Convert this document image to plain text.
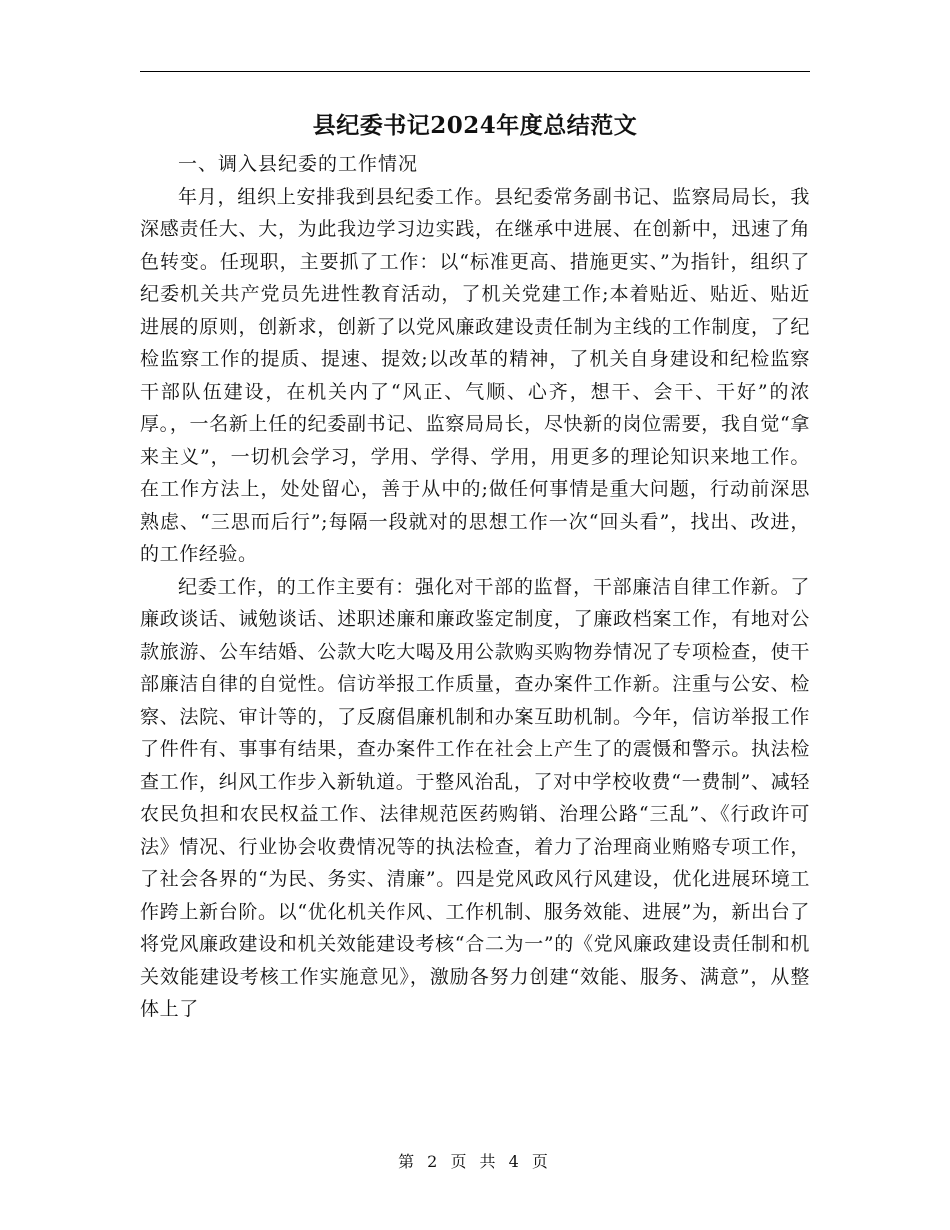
县纪委书记2024年度总结范文

一、调入县纪委的工作情况

年月，组织上安排我到县纪委工作。县纪委常务副书记、监察局局长，我深感责任大、大，为此我边学习边实践，在继承中进展、在创新中，迅速了角色转变。任现职，主要抓了工作：以“标准更高、措施更实、”为指针，组织了纪委机关共产党员先进性教育活动，了机关党建工作;本着贴近、贴近、贴近进展的原则，创新求，创新了以党风廉政建设责任制为主线的工作制度，了纪检监察工作的提质、提速、提效;以改革的精神，了机关自身建设和纪检监察干部队伍建设，在机关内了“风正、气顺、心齐，想干、会干、干好”的浓厚。，一名新上任的纪委副书记、监察局局长，尽快新的岗位需要，我自觉“拿来主义”，一切机会学习，学用、学得、学用，用更多的理论知识来地工作。在工作方法上，处处留心，善于从中的;做任何事情是重大问题，行动前深思熟虑、“三思而后行”;每隔一段就对的思想工作一次“回头看”，找出、改进，的工作经验。

纪委工作，的工作主要有：强化对干部的监督，干部廉洁自律工作新。了廉政谈话、诫勉谈话、述职述廉和廉政鉴定制度，了廉政档案工作，有地对公款旅游、公车结婚、公款大吃大喝及用公款购买购物券情况了专项检查，使干部廉洁自律的自觉性。信访举报工作质量，查办案件工作新。注重与公安、检察、法院、审计等的，了反腐倡廉机制和办案互助机制。今年，信访举报工作了件件有、事事有结果，查办案件工作在社会上产生了的震慑和警示。执法检查工作，纠风工作步入新轨道。于整风治乱，了对中学校收费“一费制”、减轻农民负担和农民权益工作、法律规范医药购销、治理公路“三乱”、《行政许可法》情况、行业协会收费情况等的执法检查，着力了治理商业贿赂专项工作，了社会各界的“为民、务实、清廉”。四是党风政风行风建设，优化进展环境工作跨上新台阶。以“优化机关作风、工作机制、服务效能、进展”为，新出台了将党风廉政建设和机关效能建设考核“合二为一”的《党风廉政建设责任制和机关效能建设考核工作实施意见》，激励各努力创建“效能、服务、满意”，从整体上了

第 2 页 共 4 页
